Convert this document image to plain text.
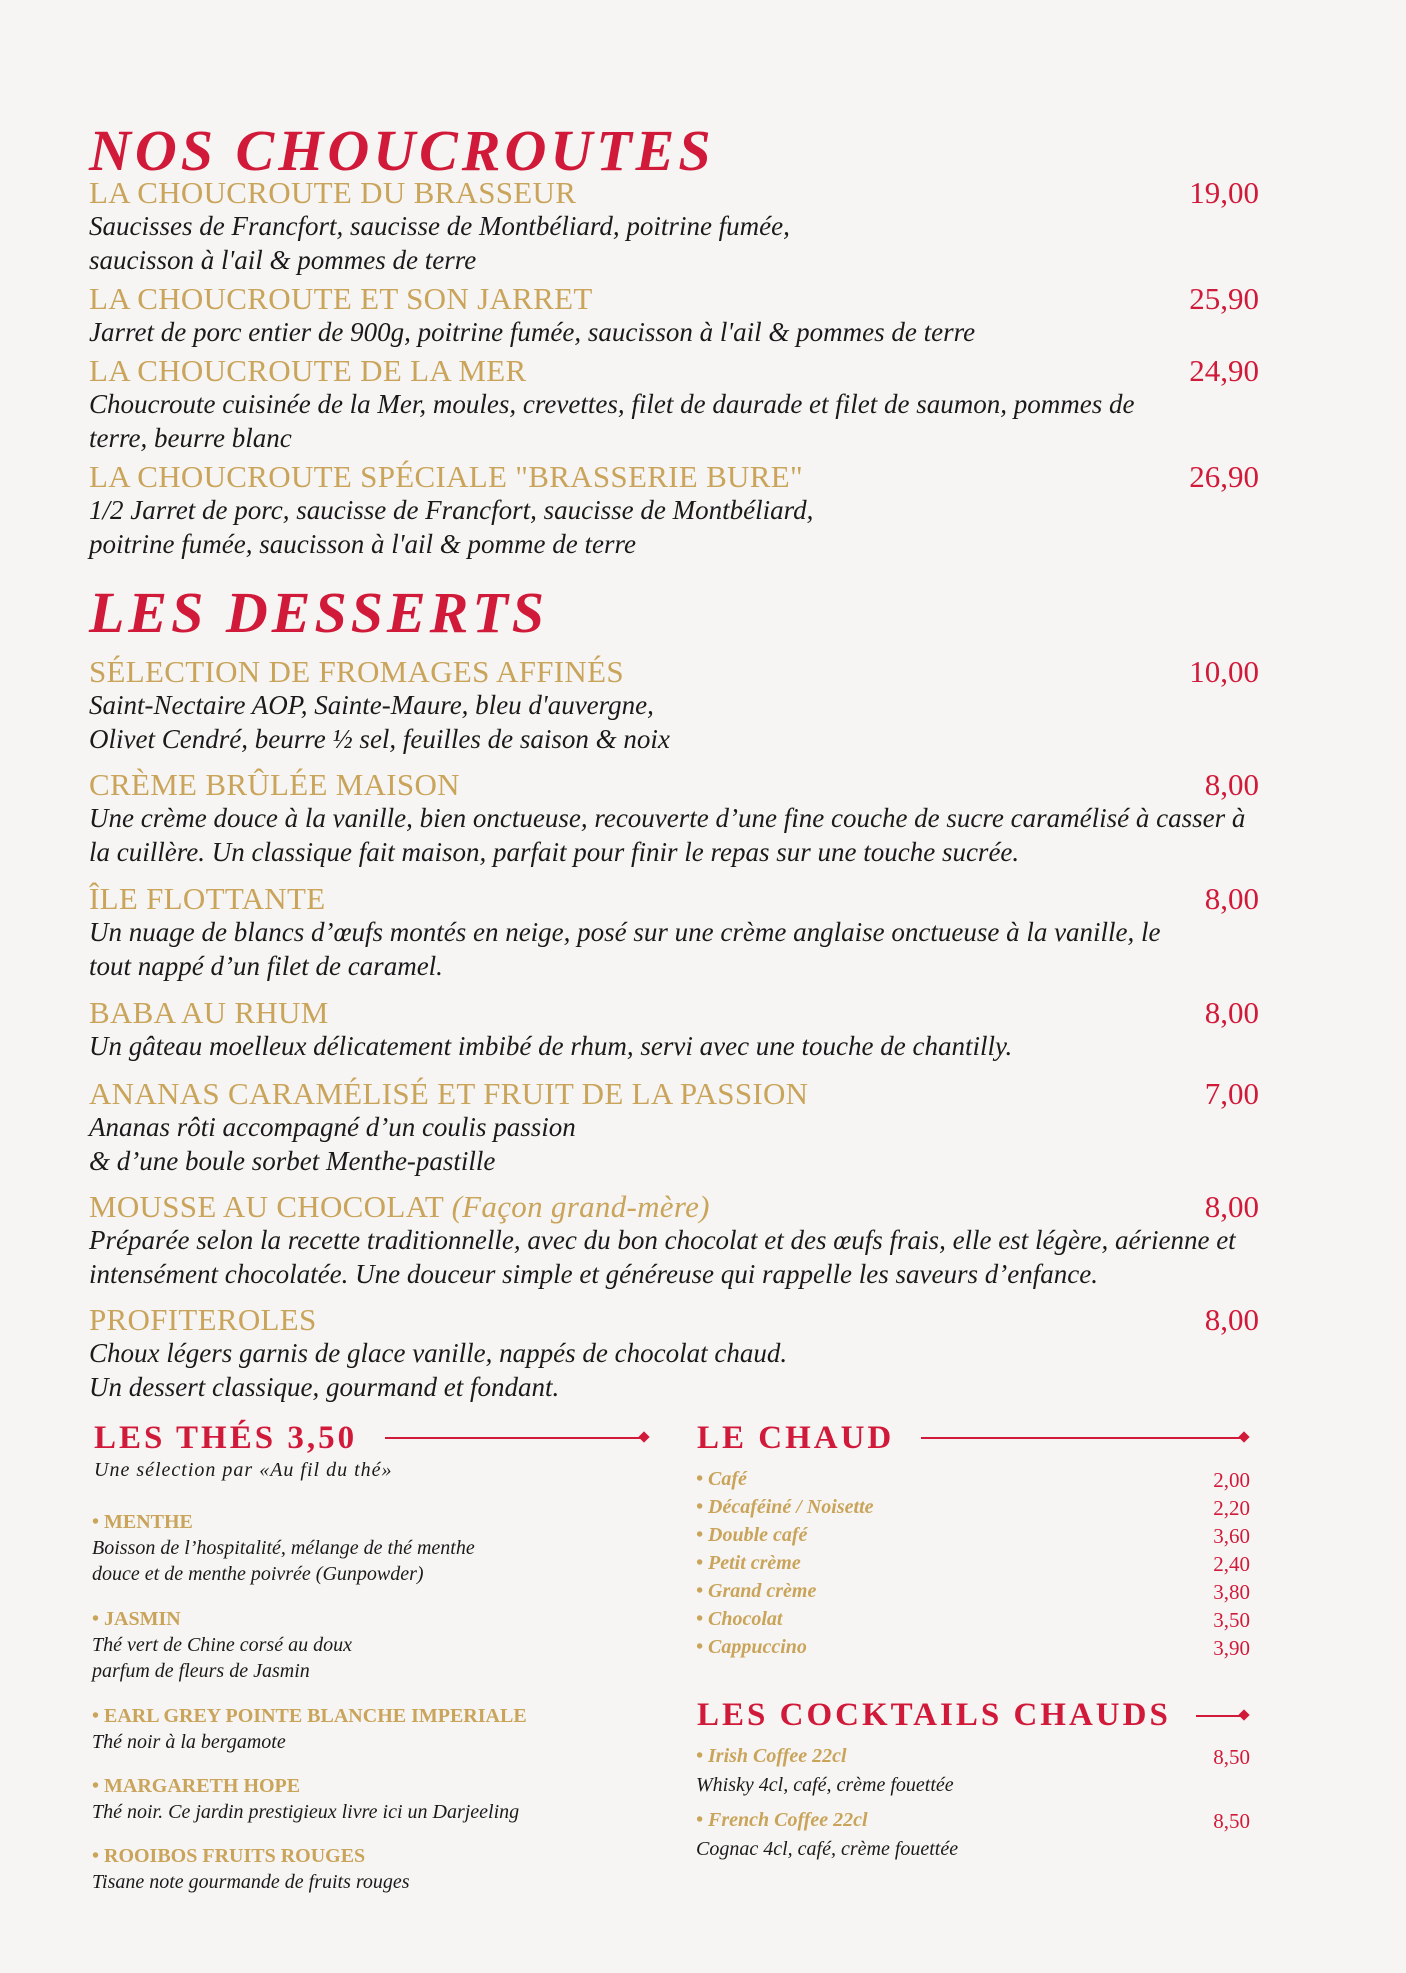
NOS CHOUCROUTES
LA CHOUCROUTE DU BRASSEUR	19,00
Saucisses de Francfort, saucisse de Montbéliard, poitrine fumée,
saucisson à l'ail & pommes de terre
LA CHOUCROUTE ET SON JARRET	25,90
Jarret de porc entier de 900g, poitrine fumée, saucisson à l'ail & pommes de terre
LA CHOUCROUTE DE LA MER	24,90
Choucroute cuisinée de la Mer, moules, crevettes, filet de daurade et filet de saumon, pommes de
terre, beurre blanc
LA CHOUCROUTE SPÉCIALE "BRASSERIE BURE"	26,90
1/2 Jarret de porc, saucisse de Francfort, saucisse de Montbéliard,
poitrine fumée, saucisson à l'ail & pomme de terre
LES DESSERTS
SÉLECTION DE FROMAGES AFFINÉS	10,00
Saint-Nectaire AOP, Sainte-Maure, bleu d'auvergne,
Olivet Cendré, beurre ½ sel, feuilles de saison & noix
CRÈME BRÛLÉE MAISON	8,00
Une crème douce à la vanille, bien onctueuse, recouverte d’une fine couche de sucre caramélisé à casser à
la cuillère. Un classique fait maison, parfait pour finir le repas sur une touche sucrée.
ÎLE FLOTTANTE	8,00
Un nuage de blancs d’œufs montés en neige, posé sur une crème anglaise onctueuse à la vanille, le
tout nappé d’un filet de caramel.
BABA AU RHUM	8,00
Un gâteau moelleux délicatement imbibé de rhum, servi avec une touche de chantilly.
ANANAS CARAMÉLISÉ ET FRUIT DE LA PASSION	7,00
Ananas rôti accompagné d’un coulis passion
& d’une boule sorbet Menthe-pastille
MOUSSE AU CHOCOLAT (Façon grand-mère)	8,00
Préparée selon la recette traditionnelle, avec du bon chocolat et des œufs frais, elle est légère, aérienne et
intensément chocolatée. Une douceur simple et généreuse qui rappelle les saveurs d’enfance.
PROFITEROLES	8,00
Choux légers garnis de glace vanille, nappés de chocolat chaud.
Un dessert classique, gourmand et fondant.
LES THÉS 3,50
Une sélection par «Au fil du thé»
• MENTHE
Boisson de l’hospitalité, mélange de thé menthe
douce et de menthe poivrée (Gunpowder)
• JASMIN
Thé vert de Chine corsé au doux
parfum de fleurs de Jasmin
• EARL GREY POINTE BLANCHE IMPERIALE
Thé noir à la bergamote
• MARGARETH HOPE
Thé noir. Ce jardin prestigieux livre ici un Darjeeling
• ROOIBOS FRUITS ROUGES
Tisane note gourmande de fruits rouges
LE CHAUD
• Café	2,00
• Décaféiné / Noisette	2,20
• Double café	3,60
• Petit crème	2,40
• Grand crème	3,80
• Chocolat	3,50
• Cappuccino	3,90
LES COCKTAILS CHAUDS
• Irish Coffee 22cl	8,50
Whisky 4cl, café, crème fouettée
• French Coffee 22cl	8,50
Cognac 4cl, café, crème fouettée
